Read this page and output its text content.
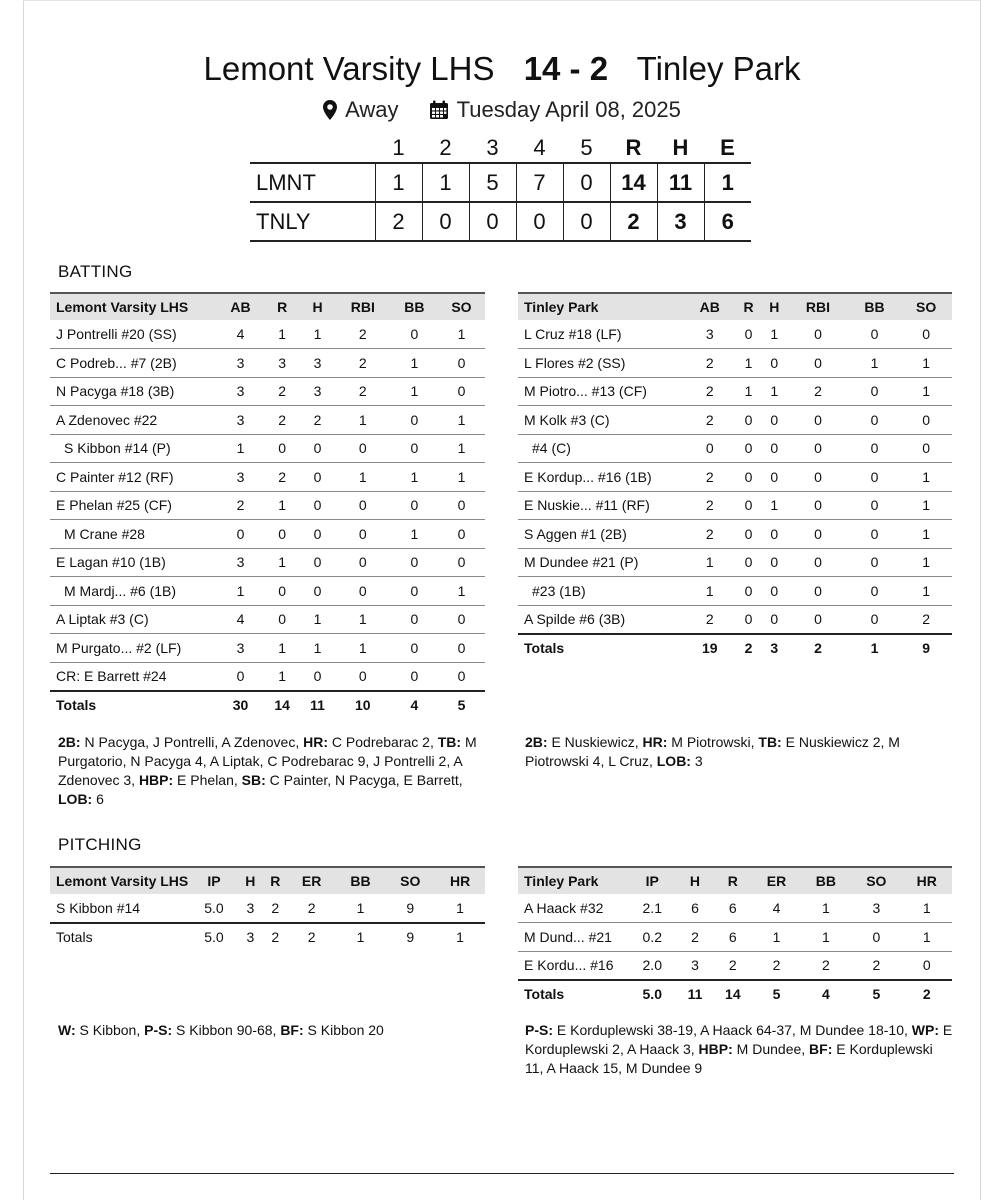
Lemont Varsity LHS 14 - 2 Tinley Park
Away
	Tuesday April 08, 2025
	1	2	3	4	5	R	H	E
LMNT	1	1	5	7	0	14	11	1
TNLY	2	0	0	0	0	2	3	6
BATTING
Lemont Varsity LHS	AB	R	H	RBI	BB	SO
J Pontrelli #20 (SS)	4	1	1	2	0	1
C Podreb... #7 (2B)	3	3	3	2	1	0
N Pacyga #18 (3B)	3	2	3	2	1	0
A Zdenovec #22	3	2	2	1	0	1
S Kibbon #14 (P)	1	0	0	0	0	1
C Painter #12 (RF)	3	2	0	1	1	1
E Phelan #25 (CF)	2	1	0	0	0	0
M Crane #28	0	0	0	0	1	0
E Lagan #10 (1B)	3	1	0	0	0	0
M Mardj... #6 (1B)	1	0	0	0	0	1
A Liptak #3 (C)	4	0	1	1	0	0
M Purgato... #2 (LF)	3	1	1	1	0	0
CR: E Barrett #24	0	1	0	0	0	0
Totals	30	14	11	10	4	5
Tinley Park	AB	R	H	RBI	BB	SO
L Cruz #18 (LF)	3	0	1	0	0	0
L Flores #2 (SS)	2	1	0	0	1	1
M Piotro... #13 (CF)	2	1	1	2	0	1
M Kolk #3 (C)	2	0	0	0	0	0
#4 (C)	0	0	0	0	0	0
E Kordup... #16 (1B)	2	0	0	0	0	1
E Nuskie... #11 (RF)	2	0	1	0	0	1
S Aggen #1 (2B)	2	0	0	0	0	1
M Dundee #21 (P)	1	0	0	0	0	1
#23 (1B)	1	0	0	0	0	1
A Spilde #6 (3B)	2	0	0	0	0	2
Totals	19	2	3	2	1	9
2B: N Pacyga, J Pontrelli, A Zdenovec, HR: C Podrebarac 2, TB: M Purgatorio, N Pacyga 4, A Liptak, C Podrebarac 9, J Pontrelli 2, A Zdenovec 3, HBP: E Phelan, SB: C Painter, N Pacyga, E Barrett, LOB: 6
2B: E Nuskiewicz, HR: M Piotrowski, TB: E Nuskiewicz 2, M Piotrowski 4, L Cruz, LOB: 3
PITCHING
Lemont Varsity LHS	IP	H	R	ER	BB	SO	HR
S Kibbon #14	5.0	3	2	2	1	9	1
Totals	5.0	3	2	2	1	9	1
Tinley Park	IP	H	R	ER	BB	SO	HR
A Haack #32	2.1	6	6	4	1	3	1
M Dund... #21	0.2	2	6	1	1	0	1
E Kordu... #16	2.0	3	2	2	2	2	0
Totals	5.0	11	14	5	4	5	2
W: S Kibbon, P-S: S Kibbon 90-68, BF: S Kibbon 20	P-S: E Korduplewski 38-19, A Haack 64-37, M Dundee 18-10, WP: E Korduplewski 2, A Haack 3, HBP: M Dundee, BF: E Korduplewski 11, A Haack 15, M Dundee 9
